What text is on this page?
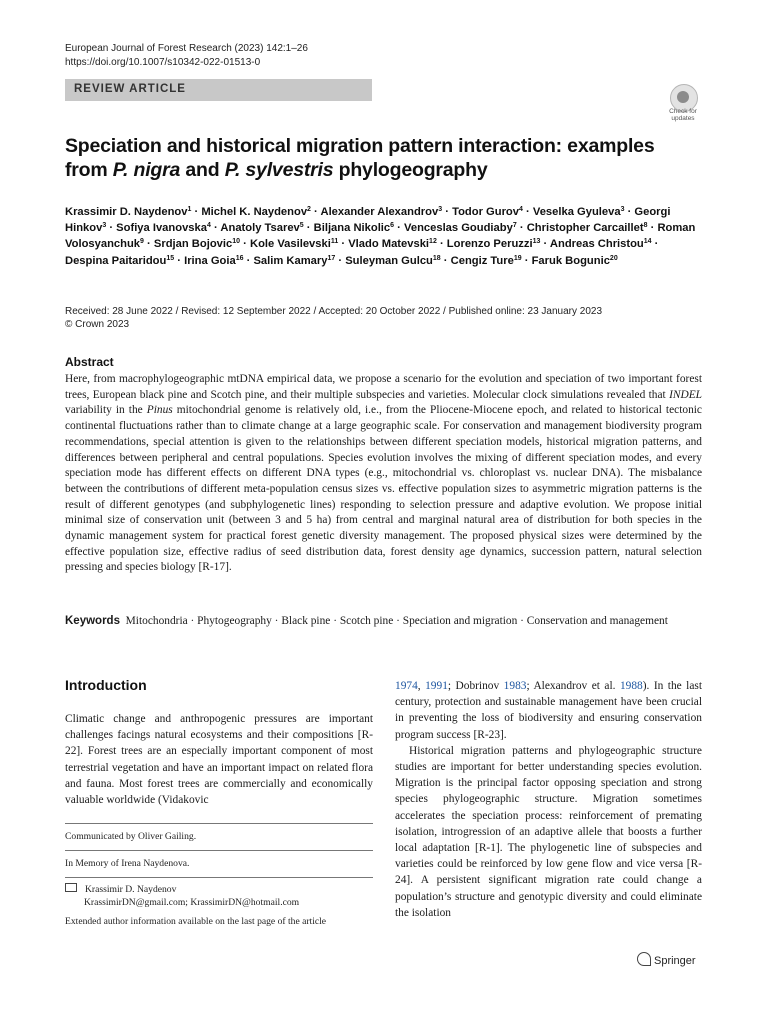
European Journal of Forest Research (2023) 142:1–26
https://doi.org/10.1007/s10342-022-01513-0
REVIEW ARTICLE
Check for updates
Speciation and historical migration pattern interaction: examples
from P. nigra and P. sylvestris phylogeography
Krassimir D. Naydenov$^1$ · Michel K. Naydenov$^2$ · Alexander Alexandrov$^3$ · Todor Gurov$^4$ · Veselka Gyuleva$^3$ · Georgi Hinkov$^3$ · Sofiya Ivanovska$^4$ · Anatoly Tsarev$^5$ · Biljana Nikolic$^6$ · Venceslas Goudiaby$^7$ · Christopher Carcaillet$^8$ · Roman Volosyanchuk$^9$ · Srdjan Bojovic$^{10}$ · Kole Vasilevski$^{11}$ · Vlado Matevski$^{12}$ · Lorenzo Peruzzi$^{13}$ · Andreas Christou$^{14}$ · Despina Paitaridou$^{15}$ · Irina Goia$^{16}$ · Salim Kamary$^{17}$ · Suleyman Gulcu$^{18}$ · Cengiz Ture$^{19}$ · Faruk Bogunic$^{20}$
Received: 28 June 2022 / Revised: 12 September 2022 / Accepted: 20 October 2022 / Published online: 23 January 2023
© Crown 2023
Abstract
Here, from macrophylogeographic mtDNA empirical data, we propose a scenario for the evolution and speciation of two important forest trees, European black pine and Scotch pine, and their multiple subspecies and varieties. Molecular clock simulations revealed that INDEL variability in the Pinus mitochondrial genome is relatively old, i.e., from the Pliocene-Miocene epoch, and related to historical tectonic continental fluctuations rather than to climate change at a large geographic scale. For conservation and management biodiversity program recommendations, special attention is given to the relationships between different speciation models, historical migration patterns, and differences between peripheral and central populations. Species evolution involves the mixing of different speciation modes, and every speciation mode has different effects on different DNA types (e.g., mitochondrial vs. chloroplast vs. nuclear DNA). The misbalance between the contributions of different meta-population census sizes vs. effective population sizes to asymmetric migration patterns is the result of different genotypes (and subphylogenetic lines) responding to selection pressure and adaptive evolution. We propose initial minimal size of conservation unit (between 3 and 5 ha) from central and marginal natural area of distribution for both species in the dynamic management system for practical forest genetic diversity management. The proposed physical sizes were determined by the effective population size, effective radius of seed distribution data, forest density age dynamics, succession pattern, natural selection pressing and species biology [R-17].
Keywords Mitochondria · Phytogeography · Black pine · Scotch pine · Speciation and migration · Conservation and management
Introduction

Climatic change and anthropogenic pressures are important challenges facings natural ecosystems and their compositions [R-22]. Forest trees are an especially important component of most terrestrial vegetation and have an important impact on related flora and fauna. Most forest trees are commercially and economically valuable worldwide (Vidakovic

1974, 1991; Dobrinov 1983; Alexandrov et al. 1988). In the last century, protection and sustainable management have been crucial in preventing the loss of biodiversity and ensuring conservation program success [R-23].

Historical migration patterns and phylogeographic structure studies are important for better understanding species evolution. Migration is the principal factor opposing speciation and strong species phylogeographic structure. Migration sometimes accelerates the speciation process: reinforcement of premating isolation, introgression of an adaptive allele that boosts a further local adaptation [R-1]. The phylogenetic line of subspecies and varieties could be reinforced by low gene flow and vice versa [R-24]. A persistent significant migration rate could change a population’s structure and genotypic diversity and could eliminate the isolation

Communicated by Oliver Gailing.
In Memory of Irena Naydenova.
Krassimir D. Naydenov
KrassimirDN@gmail.com; KrassimirDN@hotmail.com
Extended author information available on the last page of the article
Springer
